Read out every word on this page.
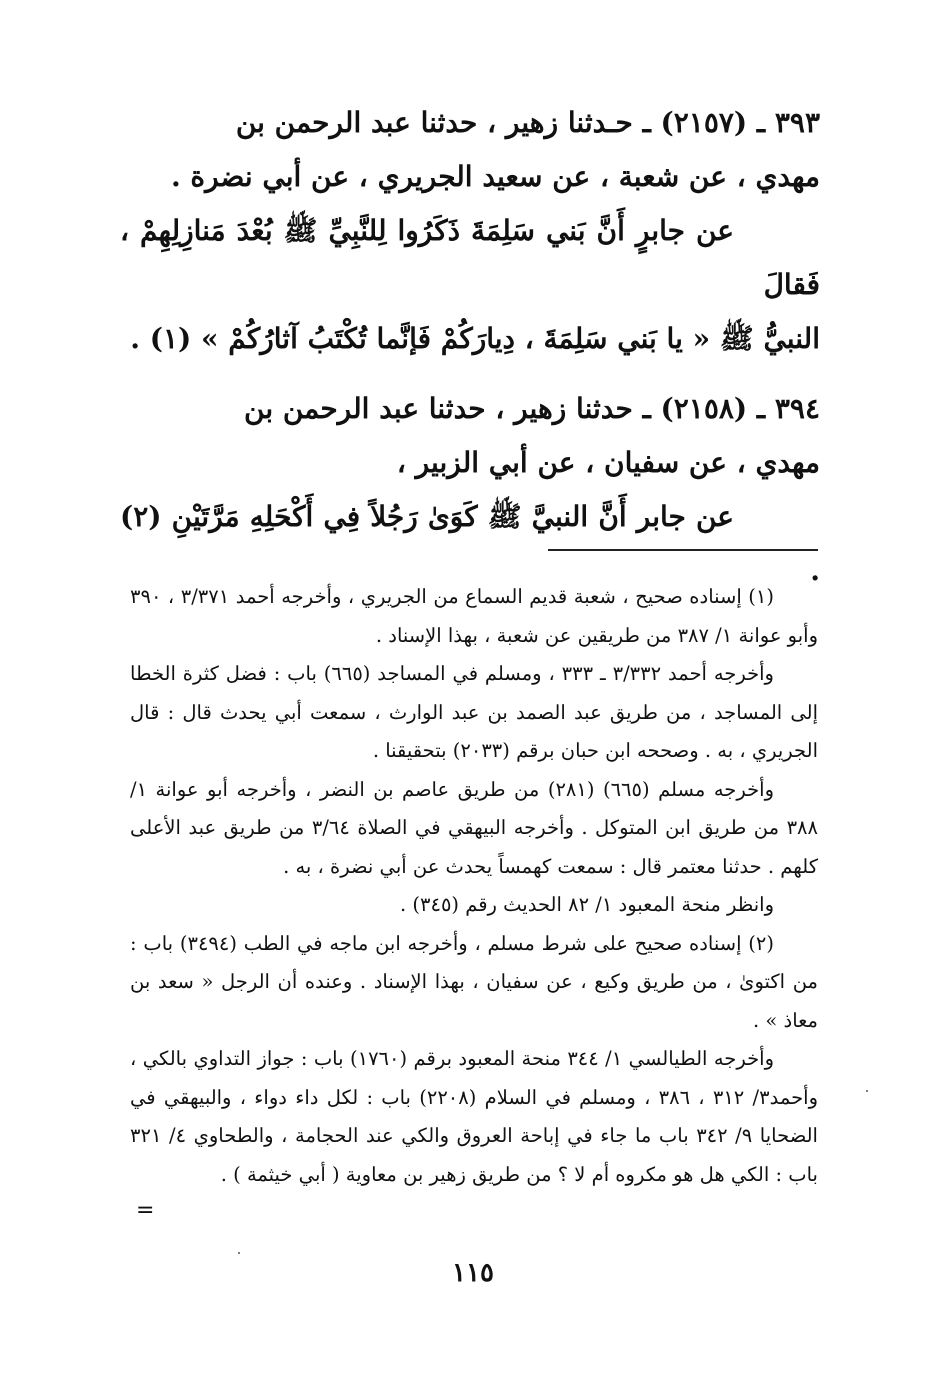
٣٩٣ ـ (٢١٥٧) ـ حـدثنا زهير ، حدثنا عبد الرحمن بن

مهدي ، عن شعبة ، عن سعيد الجريري ، عن أبي نضرة .

عن جابرٍ أَنَّ بَني سَلِمَةَ ذَكَرُوا لِلنَّبِيِّ ﷺ بُعْدَ مَنازِلِهِمْ ، فَقالَ

النبيُّ ﷺ « يا بَني سَلِمَةَ ، دِيارَكُمْ فَإنَّما تُكْتَبُ آثارُكُمْ » (١) .

٣٩٤ ـ (٢١٥٨) ـ حدثنا زهير ، حدثنا عبد الرحمن بن

مهدي ، عن سفيان ، عن أبي الزبير ،

عن جابر أَنَّ النبيَّ ﷺ كَوَىٰ رَجُلاً فِي أَكْحَلِهِ مَرَّتَيْنِ (٢) .

(١) إسناده صحيح ، شعبة قديم السماع من الجريري ، وأخرجه أحمد ٣/٣٧١ ، ٣٩٠ وأبو عوانة ١/ ٣٨٧ من طريقين عن شعبة ، بهذا الإسناد .

وأخرجه أحمد ٣/٣٣٢ ـ ٣٣٣ ، ومسلم في المساجد (٦٦٥) باب : فضل كثرة الخطا إلى المساجد ، من طريق عبد الصمد بن عبد الوارث ، سمعت أبي يحدث قال : قال الجريري ، به . وصححه ابن حبان برقم (٢٠٣٣) بتحقيقنا .

وأخرجه مسلم (٦٦٥) (٢٨١) من طريق عاصم بن النضر ، وأخرجه أبو عوانة ١/ ٣٨٨ من طريق ابن المتوكل . وأخرجه البيهقي في الصلاة ٣/٦٤ من طريق عبد الأعلى كلهم . حدثنا معتمر قال : سمعت كهمساً يحدث عن أبي نضرة ، به .

وانظر منحة المعبود ١/ ٨٢ الحديث رقم (٣٤٥) .

(٢) إسناده صحيح على شرط مسلم ، وأخرجه ابن ماجه في الطب (٣٤٩٤) باب : من اكتوىٰ ، من طريق وكيع ، عن سفيان ، بهذا الإسناد . وعنده أن الرجل « سعد بن معاذ » .

وأخرجه الطيالسي ١/ ٣٤٤ منحة المعبود برقم (١٧٦٠) باب : جواز التداوي بالكي ، وأحمد٣/ ٣١٢ ، ٣٨٦ ، ومسلم في السلام (٢٢٠٨) باب : لكل داء دواء ، والبيهقي في الضحايا ٩/ ٣٤٢ باب ما جاء في إباحة العروق والكي عند الحجامة ، والطحاوي ٤/ ٣٢١ باب : الكي هل هو مكروه أم لا ؟ من طريق زهير بن معاوية ( أبي خيثمة ) .

=
١١٥
